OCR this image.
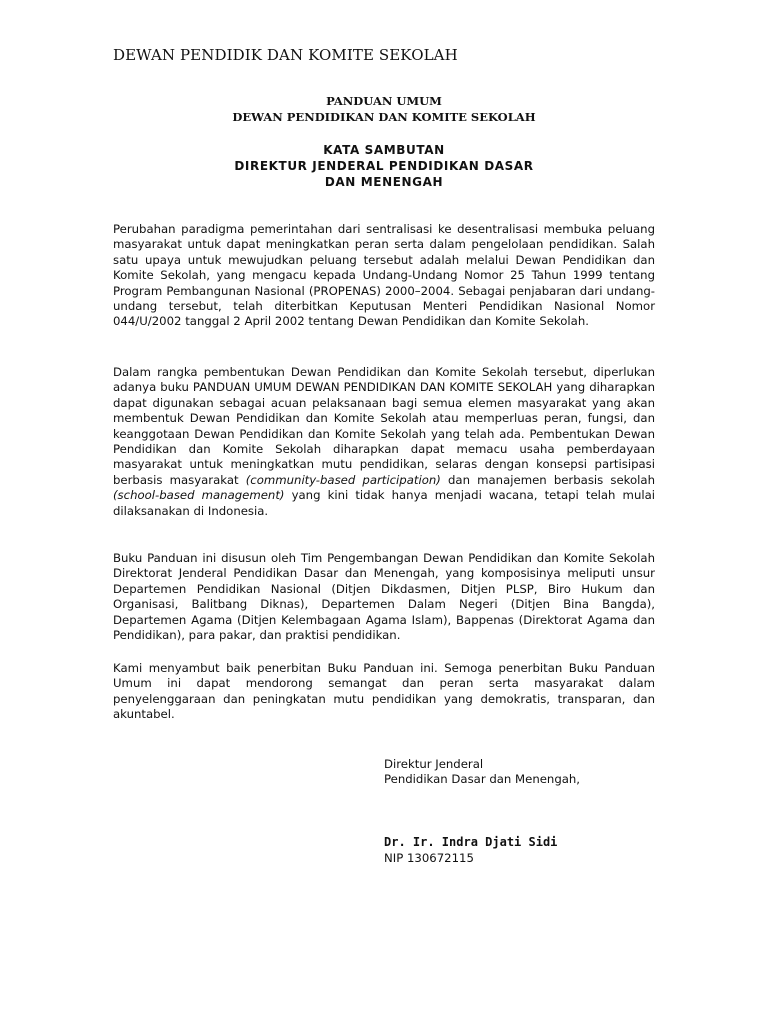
DEWAN PENDIDIK DAN KOMITE SEKOLAH
PANDUAN UMUM
DEWAN PENDIDIKAN DAN KOMITE SEKOLAH
KATA SAMBUTAN
DIREKTUR JENDERAL PENDIDIKAN DASAR
DAN MENENGAH

Perubahan paradigma pemerintahan dari sentralisasi ke desentralisasi membuka peluang masyarakat untuk dapat meningkatkan peran serta dalam pengelolaan pendidikan. Salah satu upaya untuk mewujudkan peluang tersebut adalah melalui Dewan Pendidikan dan Komite Sekolah, yang mengacu kepada Undang-Undang Nomor 25 Tahun 1999 tentang Program Pembangunan Nasional (PROPENAS) 2000–2004. Sebagai penjabaran dari undang-undang tersebut, telah diterbitkan Keputusan Menteri Pendidikan Nasional Nomor 044/U/2002 tanggal 2 April 2002 tentang Dewan Pendidikan dan Komite Sekolah.

Dalam rangka pembentukan Dewan Pendidikan dan Komite Sekolah tersebut, diperlukan adanya buku PANDUAN UMUM DEWAN PENDIDIKAN DAN KOMITE SEKOLAH yang diharapkan dapat digunakan sebagai acuan pelaksanaan bagi semua elemen masyarakat yang akan membentuk Dewan Pendidikan dan Komite Sekolah atau memperluas peran, fungsi, dan keanggotaan Dewan Pendidikan dan Komite Sekolah yang telah ada. Pembentukan Dewan Pendidikan dan Komite Sekolah diharapkan dapat memacu usaha pemberdayaan masyarakat untuk meningkatkan mutu pendidikan, selaras dengan konsepsi partisipasi berbasis masyarakat (community-based participation) dan manajemen berbasis sekolah (school-based management) yang kini tidak hanya menjadi wacana, tetapi telah mulai dilaksanakan di Indonesia.

Buku Panduan ini disusun oleh Tim Pengembangan Dewan Pendidikan dan Komite Sekolah Direktorat Jenderal Pendidikan Dasar dan Menengah, yang komposisinya meliputi unsur Departemen Pendidikan Nasional (Ditjen Dikdasmen, Ditjen PLSP, Biro Hukum dan Organisasi, Balitbang Diknas), Departemen Dalam Negeri (Ditjen Bina Bangda), Departemen Agama (Ditjen Kelembagaan Agama Islam), Bappenas (Direktorat Agama dan Pendidikan), para pakar, dan praktisi pendidikan.

Kami menyambut baik penerbitan Buku Panduan ini. Semoga penerbitan Buku Panduan Umum ini dapat mendorong semangat dan peran serta masyarakat dalam penyelenggaraan dan peningkatan mutu pendidikan yang demokratis, transparan, dan akuntabel.

Direktur Jenderal
Pendidikan Dasar dan Menengah,
Dr. Ir. Indra Djati Sidi
NIP 130672115
